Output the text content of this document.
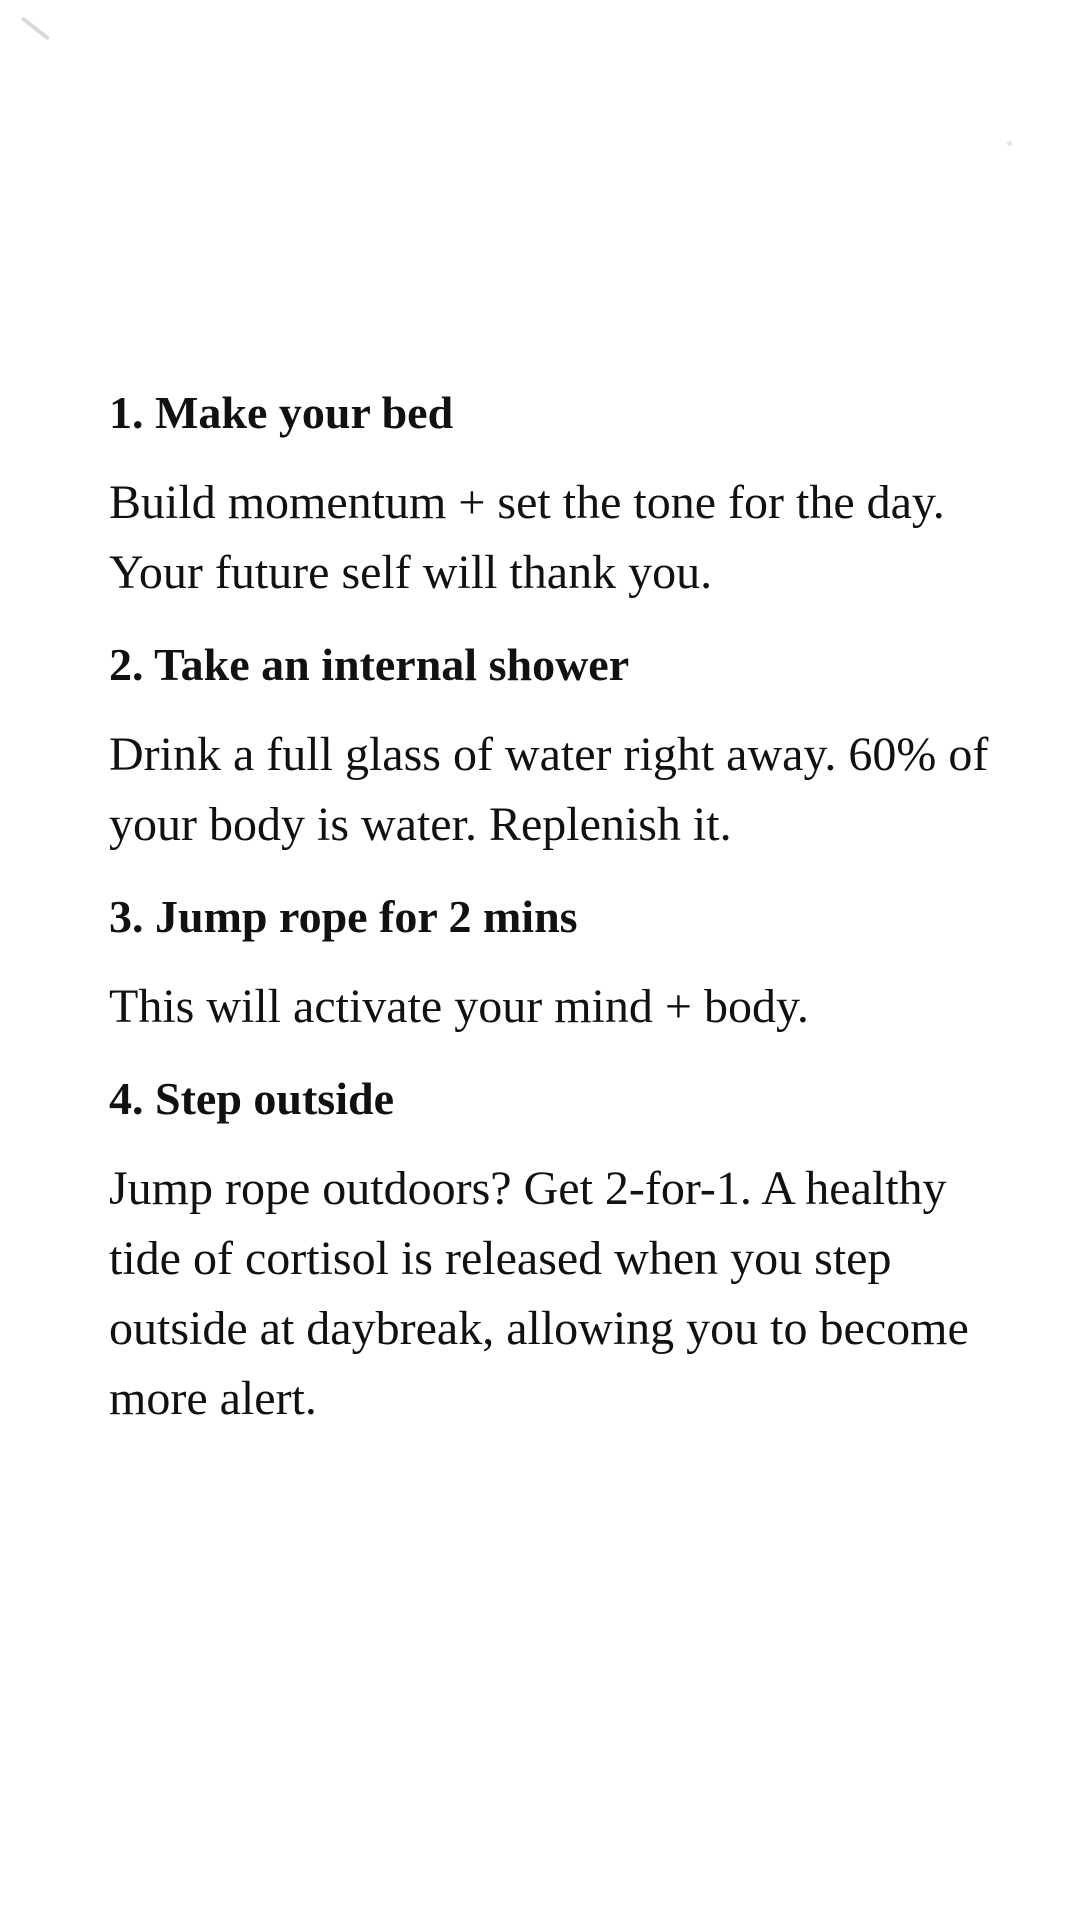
1. Make your bed

Build momentum + set the tone for the day. Your future self will thank you.

2. Take an internal shower

Drink a full glass of water right away. 60% of your body is water. Replenish it.

3. Jump rope for 2 mins

This will activate your mind + body.

4. Step outside

Jump rope outdoors? Get 2-for-1. A healthy tide of cortisol is released when you step outside at daybreak, allowing you to become more alert.
